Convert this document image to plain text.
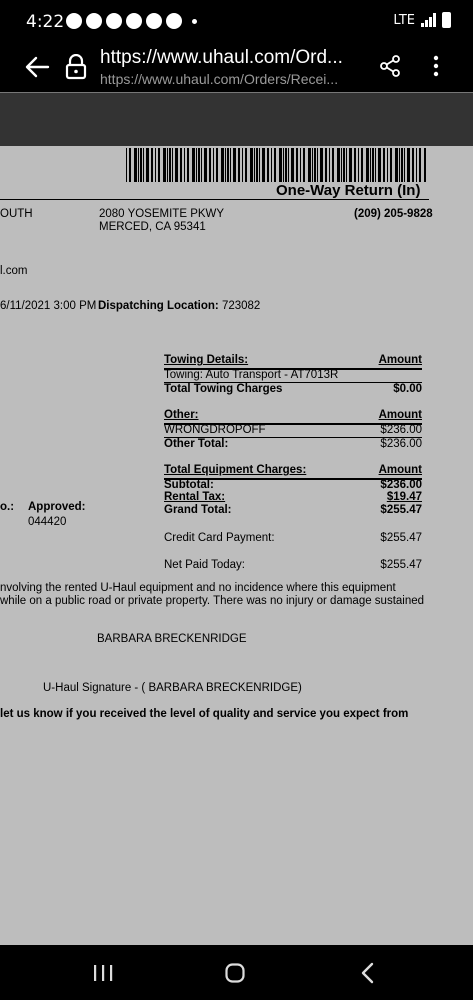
4:22	LTE
https://www.uhaul.com/Ord...
https://www.uhaul.com/Orders/Recei...
One-Way Return (In)
OUTH	2080 YOSEMITE PKWY
MERCED, CA 95341
(209) 205-9828
l.com
6/11/2021 3:00 PM Dispatching Location: 723082
Towing Details:	Amount
Towing: Auto Transport - AT7013R
Total Towing Charges	$0.00
Other:	Amount
WRONGDROPOFF	$236.00
Other Total:	$236.00
Total Equipment Charges:	Amount
Subtotal:	$236.00
Rental Tax:	$19.47
Grand Total:	$255.47
o.: Approved:
044420
Credit Card Payment:	$255.47
Net Paid Today:	$255.47
nvolving the rented U-Haul equipment and no incidence where this equipment
while on a public road or private property. There was no injury or damage sustained
BARBARA BRECKENRIDGE
U-Haul Signature - ( BARBARA BRECKENRIDGE)
let us know if you received the level of quality and service you expect from
